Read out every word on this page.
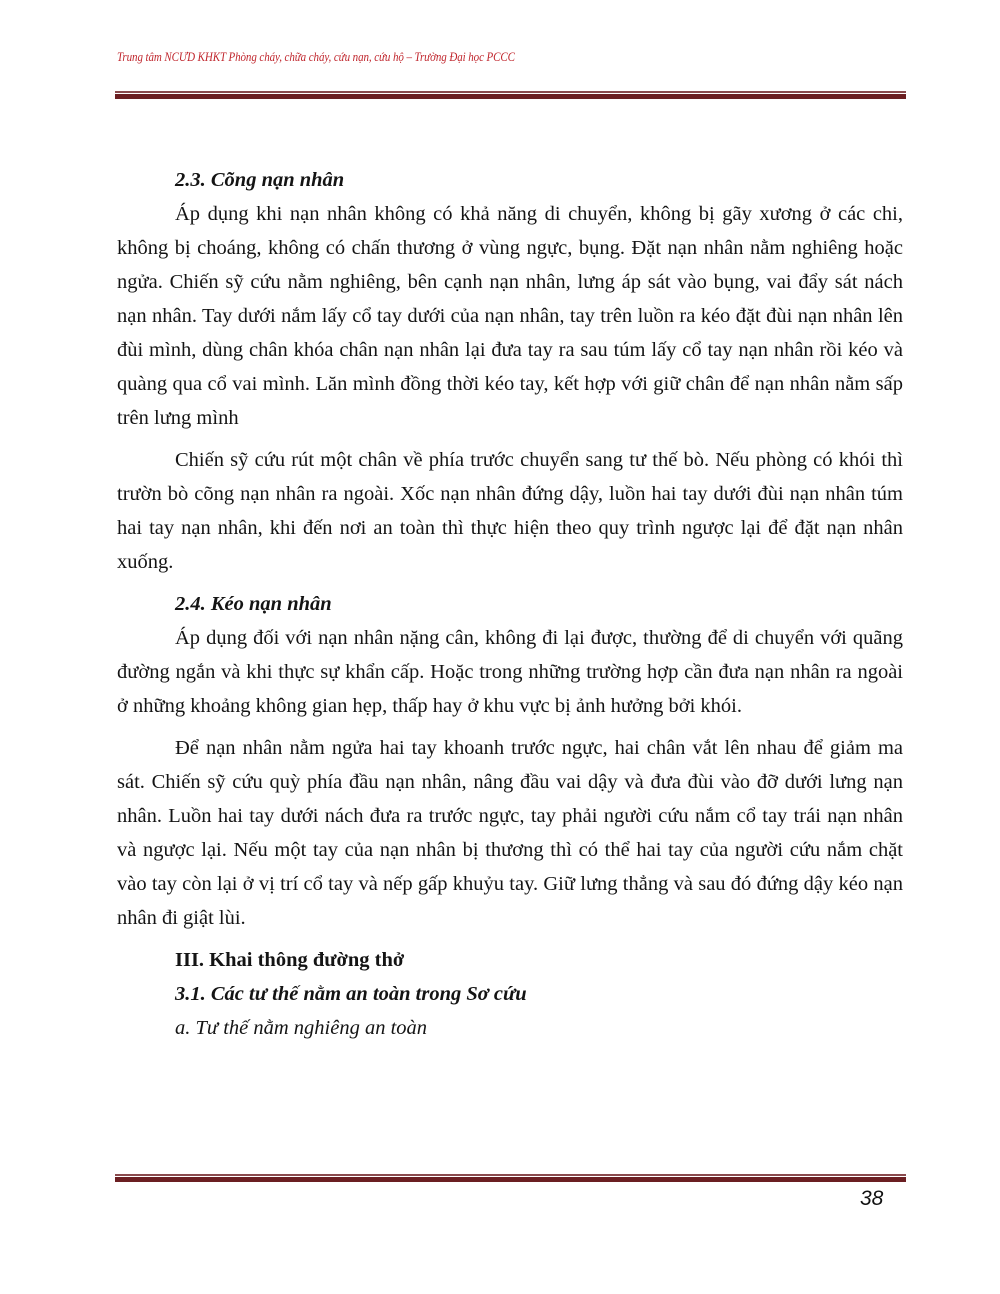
Trung tâm NCƯD KHKT Phòng cháy, chữa cháy, cứu nạn, cứu hộ – Trường Đại học PCCC

2.3. Cõng nạn nhân

Áp dụng khi nạn nhân không có khả năng di chuyển, không bị gãy xương ở các chi, không bị choáng, không có chấn thương ở vùng ngực, bụng. Đặt nạn nhân nằm nghiêng hoặc ngửa. Chiến sỹ cứu nằm nghiêng, bên cạnh nạn nhân, lưng áp sát vào bụng, vai đẩy sát nách nạn nhân. Tay dưới nắm lấy cổ tay dưới của nạn nhân, tay trên luồn ra kéo đặt đùi nạn nhân lên đùi mình, dùng chân khóa chân nạn nhân lại đưa tay ra sau túm lấy cổ tay nạn nhân rồi kéo và quàng qua cổ vai mình. Lăn mình đồng thời kéo tay, kết hợp với giữ chân để nạn nhân nằm sấp trên lưng mình

Chiến sỹ cứu rút một chân về phía trước chuyển sang tư thế bò. Nếu phòng có khói thì trườn bò cõng nạn nhân ra ngoài. Xốc nạn nhân đứng dậy, luồn hai tay dưới đùi nạn nhân túm hai tay nạn nhân, khi đến nơi an toàn thì thực hiện theo quy trình ngược lại để đặt nạn nhân xuống.

2.4. Kéo nạn nhân

Áp dụng đối với nạn nhân nặng cân, không đi lại được, thường để di chuyển với quãng đường ngắn và khi thực sự khẩn cấp. Hoặc trong những trường hợp cần đưa nạn nhân ra ngoài ở những khoảng không gian hẹp, thấp hay ở khu vực bị ảnh hưởng bởi khói.

Để nạn nhân nằm ngửa hai tay khoanh trước ngực, hai chân vắt lên nhau để giảm ma sát. Chiến sỹ cứu quỳ phía đầu nạn nhân, nâng đầu vai dậy và đưa đùi vào đỡ dưới lưng nạn nhân. Luồn hai tay dưới nách đưa ra trước ngực, tay phải người cứu nắm cổ tay trái nạn nhân và ngược lại. Nếu một tay của nạn nhân bị thương thì có thể hai tay của người cứu nắm chặt vào tay còn lại ở vị trí cổ tay và nếp gấp khuỷu tay. Giữ lưng thẳng và sau đó đứng dậy kéo nạn nhân đi giật lùi.

III. Khai thông đường thở

3.1. Các tư thế nằm an toàn trong Sơ cứu

a. Tư thế nằm nghiêng an toàn

38
